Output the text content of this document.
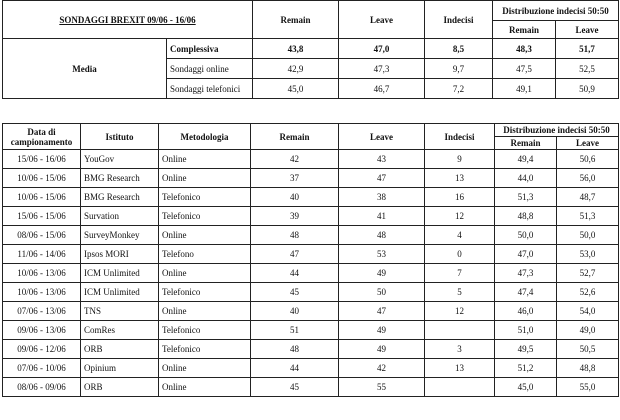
SONDAGGI BREXIT 09/06 - 16/06		Remain	Leave	Indecisi	Distribuzione indecisi 50:50	
					Remain	Leave
Media	Complessiva	43,8	47,0	8,5	48,3	51,7
	Sondaggi online	42,9	47,3	9,7	47,5	52,5
	Sondaggi telefonici	45,0	46,7	7,2	49,1	50,9
Data di
campionamento	Istituto	Metodologia	Remain	Leave	Indecisi	Distribuzione indecisi 50:50	
						Remain	Leave
15/06 - 16/06	YouGov	Online	42	43	9	49,4	50,6
10/06 - 15/06	BMG Research	Online	37	47	13	44,0	56,0
10/06 - 15/06	BMG Research	Telefonico	40	38	16	51,3	48,7
15/06 - 15/06	Survation	Telefonico	39	41	12	48,8	51,3
08/06 - 15/06	SurveyMonkey	Online	48	48	4	50,0	50,0
11/06 - 14/06	Ipsos MORI	Telefono	47	53	0	47,0	53,0
10/06 - 13/06	ICM Unlimited	Online	44	49	7	47,3	52,7
10/06 - 13/06	ICM Unlimited	Telefonico	45	50	5	47,4	52,6
07/06 - 13/06	TNS	Online	40	47	12	46,0	54,0
09/06 - 13/06	ComRes	Telefonico	51	49		51,0	49,0
09/06 - 12/06	ORB	Telefonico	48	49	3	49,5	50,5
07/06 - 10/06	Opinium	Online	44	42	13	51,2	48,8
08/06 - 09/06	ORB	Online	45	55		45,0	55,0
